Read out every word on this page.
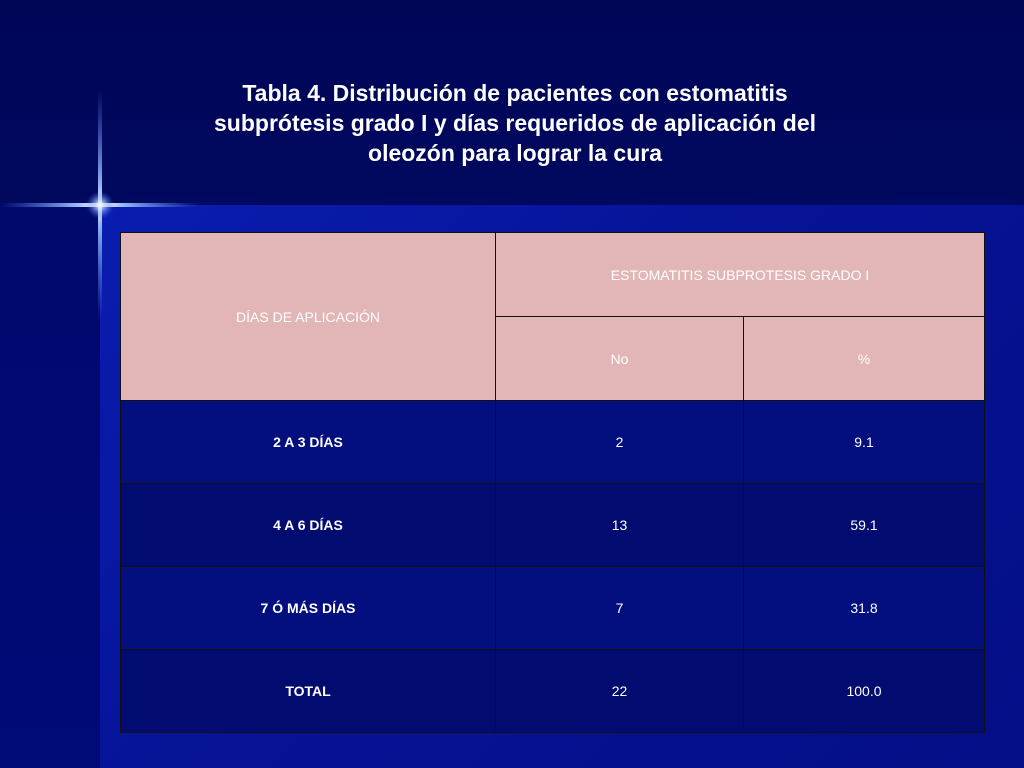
Tabla 4. Distribución de pacientes con estomatitis
subprótesis grado I y días requeridos de aplicación del
oleozón para lograr la cura
DÍAS DE APLICACIÓN	ESTOMATITIS SUBPROTESIS GRADO I	
	No	%
2 A 3 DÍAS	2	9.1
4 A 6 DÍAS	13	59.1
7 Ó MÁS DÍAS	7	31.8
TOTAL	22	100.0
